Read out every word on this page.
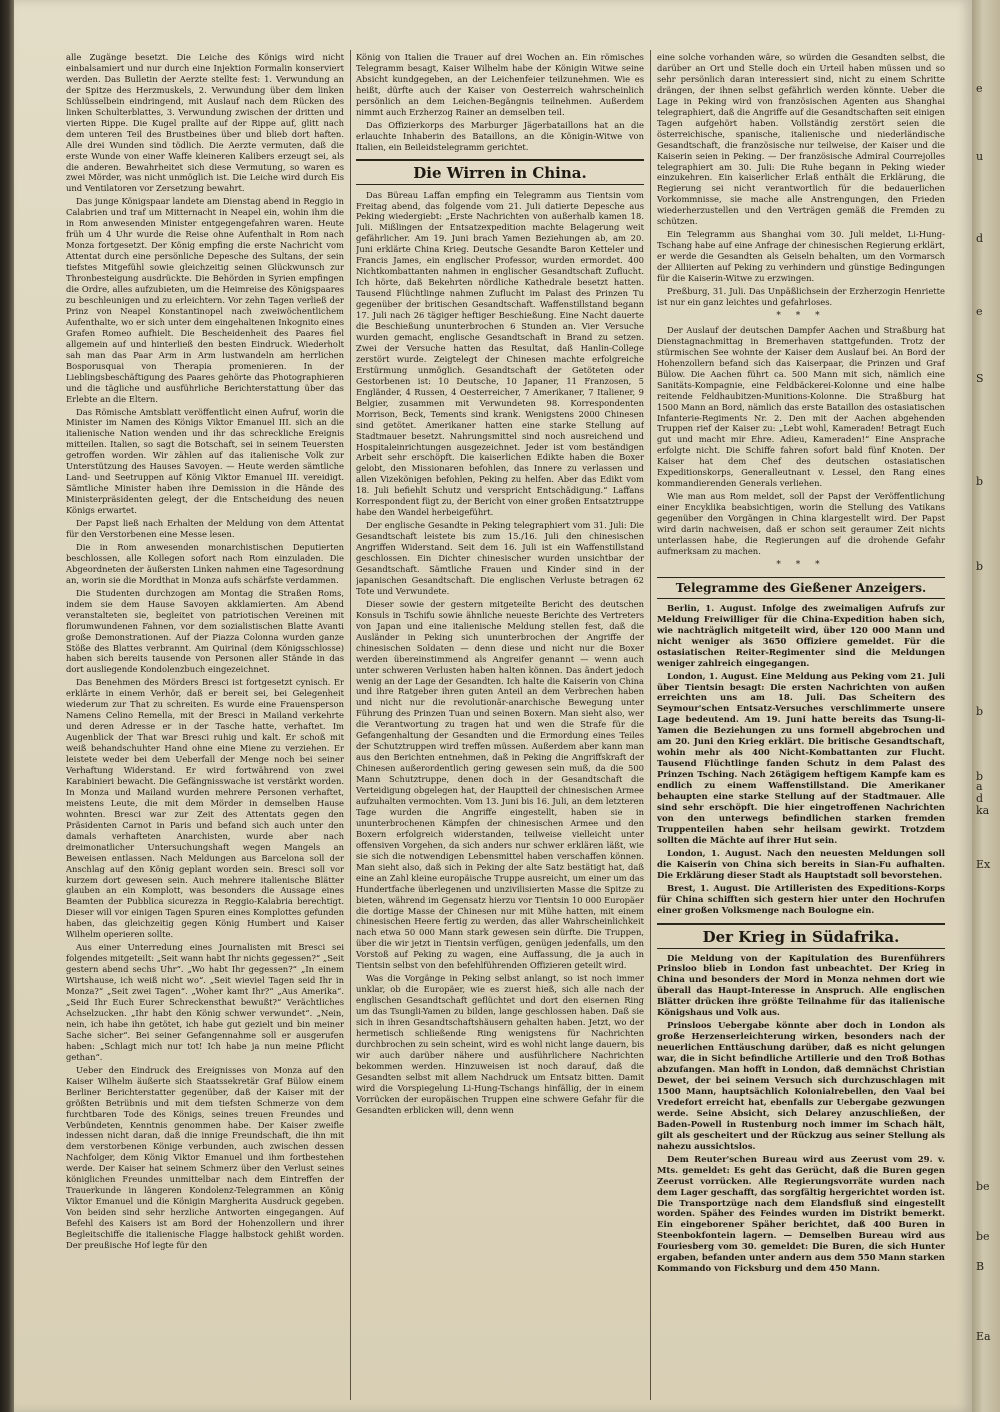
alle Zugänge besetzt. Die Leiche des Königs wird nicht einbalsamiert und nur durch eine Injektion Formalin konserviert werden. Das Bulletin der Aerzte stellte fest: 1. Verwundung an der Spitze des Herzmuskels, 2. Verwundung über dem linken Schlüsselbein eindringend, mit Auslauf nach dem Rücken des linken Schulterblattes, 3. Verwundung zwischen der dritten und vierten Rippe. Die Kugel prallte auf der Rippe auf, glitt nach dem unteren Teil des Brustbeines über und blieb dort haften. Alle drei Wunden sind tödlich. Die Aerzte vermuten, daß die erste Wunde von einer Waffe kleineren Kalibers erzeugt sei, als die anderen. Bewahrheitet sich diese Vermutung, so waren es zwei Mörder, was nicht unmöglich ist. Die Leiche wird durch Eis und Ventilatoren vor Zersetzung bewahrt.

Das junge Königspaar landete am Dienstag abend in Reggio in Calabrien und traf um Mitternacht in Neapel ein, wohin ihm die in Rom anwesenden Minister entgegengefahren waren. Heute früh um 4 Uhr wurde die Reise ohne Aufenthalt in Rom nach Monza fortgesetzt. Der König empfing die erste Nachricht vom Attentat durch eine persönliche Depesche des Sultans, der sein tiefstes Mitgefühl sowie gleichzeitig seinen Glückwunsch zur Thronbesteigung ausdrückte. Die Behörden in Syrien empfingen die Ordre, alles aufzubieten, um die Heimreise des Königspaares zu beschleunigen und zu erleichtern. Vor zehn Tagen verließ der Prinz von Neapel Konstantinopel nach zweiwöchentlichem Aufenthalte, wo er sich unter dem eingehaltenen Inkognito eines Grafen Romeo aufhielt. Die Bescheidenheit des Paares fiel allgemein auf und hinterließ den besten Eindruck. Wiederholt sah man das Paar Arm in Arm lustwandeln am herrlichen Bosporusquai von Therapia promenieren. In der Lieblingsbeschäftigung des Paares gehörte das Photographieren und die tägliche und ausführliche Berichterstattung über das Erlebte an die Eltern.

Das Römische Amtsblatt veröffentlicht einen Aufruf, worin die Minister im Namen des Königs Viktor Emanuel III. sich an die italienische Nation wenden und ihr das schreckliche Ereignis mitteilen. Italien, so sagt die Botschaft, sei in seinem Teuersten getroffen worden. Wir zählen auf das italienische Volk zur Unterstützung des Hauses Savoyen. — Heute werden sämtliche Land- und Seetruppen auf König Viktor Emanuel III. vereidigt. Sämtliche Minister haben ihre Demission in die Hände des Ministerpräsidenten gelegt, der die Entscheidung des neuen Königs erwartet.

Der Papst ließ nach Erhalten der Meldung von dem Attentat für den Verstorbenen eine Messe lesen.

Die in Rom anwesenden monarchistischen Deputierten beschlossen, alle Kollegen sofort nach Rom einzuladen. Die Abgeordneten der äußersten Linken nahmen eine Tagesordnung an, worin sie die Mordthat in Monza aufs schärfste verdammen.

Die Studenten durchzogen am Montag die Straßen Roms, indem sie dem Hause Savoyen akklamierten. Am Abend veranstalteten sie, begleitet von patriotischen Vereinen mit florumwundenen Fahnen, vor dem sozialistischen Blatte Avanti große Demonstrationen. Auf der Piazza Colonna wurden ganze Stöße des Blattes verbrannt. Am Quirinal (dem Königsschlosse) haben sich bereits tausende von Personen aller Stände in das dort ausliegende Kondolenzbuch eingezeichnet.

Das Benehmen des Mörders Bresci ist fortgesetzt cynisch. Er erklärte in einem Verhör, daß er bereit sei, bei Gelegenheit wiederum zur That zu schreiten. Es wurde eine Frauensperson Namens Celino Remella, mit der Bresci in Mailand verkehrte und deren Adresse er in der Tasche hatte, verhaftet. Im Augenblick der That war Bresci ruhig und kalt. Er schoß mit weiß behandschuhter Hand ohne eine Miene zu verziehen. Er leistete weder bei dem Ueberfall der Menge noch bei seiner Verhaftung Widerstand. Er wird fortwährend von zwei Karabinieri bewacht. Die Gefängnisswache ist verstärkt worden. In Monza und Mailand wurden mehrere Personen verhaftet, meistens Leute, die mit dem Mörder in demselben Hause wohnten. Bresci war zur Zeit des Attentats gegen den Präsidenten Carnot in Paris und befand sich auch unter den damals verhafteten Anarchisten, wurde aber nach dreimonatlicher Untersuchungshaft wegen Mangels an Beweisen entlassen. Nach Meldungen aus Barcelona soll der Anschlag auf den König geplant worden sein. Bresci soll vor kurzem dort gewesen sein. Auch mehrere italienische Blätter glauben an ein Komplott, was besonders die Aussage eines Beamten der Pubblica sicurezza in Reggio-Kalabria berechtigt. Dieser will vor einigen Tagen Spuren eines Komplottes gefunden haben, das gleichzeitig gegen König Humbert und Kaiser Wilhelm operieren sollte.

Aus einer Unterredung eines Journalisten mit Bresci sei folgendes mitgeteilt: „Seit wann habt Ihr nichts gegessen?“ „Seit gestern abend sechs Uhr“. „Wo habt Ihr gegessen?“ „In einem Wirtshause, ich weiß nicht wo“. „Seit wieviel Tagen seid Ihr in Monza?“ „Seit zwei Tagen“. „Woher kamt Ihr?“ „Aus Amerika“. „Seid Ihr Euch Eurer Schreckensthat bewußt?“ Verächtliches Achselzucken. „Ihr habt den König schwer verwundet“. „Nein, nein, ich habe ihn getötet, ich habe gut gezielt und bin meiner Sache sicher“. Bei seiner Gefangennahme soll er ausgerufen haben: „Schlagt mich nur tot! Ich habe ja nun meine Pflicht gethan“.

Ueber den Eindruck des Ereignisses von Monza auf den Kaiser Wilhelm äußerte sich Staatssekretär Graf Bülow einem Berliner Berichterstatter gegenüber, daß der Kaiser mit der größten Betrübnis und mit dem tiefsten Schmerze von dem furchtbaren Tode des Königs, seines treuen Freundes und Verbündeten, Kenntnis genommen habe. Der Kaiser zweifle indessen nicht daran, daß die innige Freundschaft, die ihn mit dem verstorbenen Könige verbunden, auch zwischen dessen Nachfolger, dem König Viktor Emanuel und ihm fortbestehen werde. Der Kaiser hat seinem Schmerz über den Verlust seines königlichen Freundes unmittelbar nach dem Eintreffen der Trauerkunde in längeren Kondolenz-Telegrammen an König Viktor Emanuel und die Königin Margherita Ausdruck gegeben. Von beiden sind sehr herzliche Antworten eingegangen. Auf Befehl des Kaisers ist am Bord der Hohenzollern und ihrer Begleitschiffe die italienische Flagge halbstock gehißt worden. Der preußische Hof legte für den

König von Italien die Trauer auf drei Wochen an. Ein römisches Telegramm besagt, Kaiser Wilhelm habe der Königin Witwe seine Absicht kundgegeben, an der Leichenfeier teilzunehmen. Wie es heißt, dürfte auch der Kaiser von Oesterreich wahrscheinlich persönlich an dem Leichen-Begängnis teilnehmen. Außerdem nimmt auch Erzherzog Rainer an demselben teil.

Das Offizierkorps des Marburger Jägerbataillons hat an die erlauchte Inhaberin des Bataillons, an die Königin-Witwe von Italien, ein Beileidstelegramm gerichtet.

Die Wirren in China.

Das Büreau Laffan empfing ein Telegramm aus Tientsin vom Freitag abend, das folgende vom 21. Juli datierte Depesche aus Peking wiedergiebt: „Erste Nachrichten von außerhalb kamen 18. Juli. Mißlingen der Entsatzexpedition machte Belagerung weit gefährlicher. Am 19. Juni brach Yamen Beziehungen ab, am 20. Juni erklärte China Krieg. Deutsche Gesandte Baron Ketteler und Francis James, ein englischer Professor, wurden ermordet. 400 Nichtkombattanten nahmen in englischer Gesandtschaft Zuflucht. Ich hörte, daß Bekehrten nördliche Kathedrale besetzt hatten. Tausend Flüchtlinge nahmen Zuflucht im Palast des Prinzen Tu gegenüber der britischen Gesandtschaft. Waffenstillstand begann 17. Juli nach 26 tägiger heftiger Beschießung. Eine Nacht dauerte die Beschießung ununterbrochen 6 Stunden an. Vier Versuche wurden gemacht, englische Gesandtschaft in Brand zu setzen. Zwei der Versuche hatten das Resultat, daß Hanlin-College zerstört wurde. Zeigtelegt der Chinesen machte erfolgreiche Erstürmung unmöglich. Gesandtschaft der Getöteten oder Gestorbenen ist: 10 Deutsche, 10 Japaner, 11 Franzosen, 5 Engländer, 4 Russen, 4 Oesterreicher, 7 Amerikaner, 7 Italiener, 9 Belgier, zusammen mit Verwundeten 98. Korrespondenten Morrison, Beck, Tements sind krank. Wenigstens 2000 Chinesen sind getötet. Amerikaner hatten eine starke Stellung auf Stadtmauer besetzt. Nahrungsmittel sind noch ausreichend und Hospitaleinrichtungen ausgezeichnet. Jeder ist vom beständigen Arbeit sehr erschöpft. Die kaiserlichen Edikte haben die Boxer gelobt, den Missionaren befohlen, das Innere zu verlassen und allen Vizekönigen befohlen, Peking zu helfen. Aber das Edikt vom 18. Juli befiehlt Schutz und verspricht Entschädigung.“ Laffans Korrespondent fügt zu, der Bericht von einer großen Entsatztruppe habe den Wandel herbeigeführt.

Der englische Gesandte in Peking telegraphiert vom 31. Juli: Die Gesandtschaft leistete bis zum 15./16. Juli den chinesischen Angriffen Widerstand. Seit dem 16. Juli ist ein Waffenstillstand geschlossen. Ein Dichter chinesischer wurden unsichtbar der Gesandtschaft. Sämtliche Frauen und Kinder sind in der japanischen Gesandtschaft. Die englischen Verluste betragen 62 Tote und Verwundete.

Dieser sowie der gestern mitgeteilte Bericht des deutschen Konsuls in Tschifu sowie ähnliche neueste Berichte des Vertreters von Japan und eine italienische Meldung stellen fest, daß die Ausländer in Peking sich ununterbrochen der Angriffe der chinesischen Soldaten — denn diese und nicht nur die Boxer werden übereinstimmend als Angreifer genannt — wenn auch unter schweren Verlusten haben halten können. Das ändert jedoch wenig an der Lage der Gesandten. Ich halte die Kaiserin von China und ihre Ratgeber ihren guten Anteil an dem Verbrechen haben und nicht nur die revolutionär-anarchische Bewegung unter Führung des Prinzen Tuan und seinen Boxern. Man sieht also, wer die Verantwortung zu tragen hat und wen die Strafe für die Gefangenhaltung der Gesandten und die Ermordung eines Teiles der Schutztruppen wird treffen müssen. Außerdem aber kann man aus den Berichten entnehmen, daß in Peking die Angriffskraft der Chinesen außerordentlich gering gewesen sein muß, da die 500 Mann Schutztruppe, denen doch in der Gesandtschaft die Verteidigung obgelegen hat, der Hauptteil der chinesischen Armee aufzuhalten vermochten. Vom 13. Juni bis 16. Juli, an dem letzteren Tage wurden die Angriffe eingestellt, haben sie in ununterbrochenen Kämpfen der chinesischen Armee und den Boxern erfolgreich widerstanden, teilweise vielleicht unter offensiven Vorgehen, da sich anders nur schwer erklären läßt, wie sie sich die notwendigen Lebensmittel haben verschaffen können. Man sieht also, daß sich in Peking der alte Satz bestätigt hat, daß eine an Zahl kleine europäische Truppe ausreicht, um einer um das Hundertfache überlegenen und unzivilisierten Masse die Spitze zu bieten, während im Gegensatz hierzu vor Tientsin 10 000 Europäer die dortige Masse der Chinesen nur mit Mühe hatten, mit einem chinesischen Heere fertig zu werden, das aller Wahrscheinlichkeit nach etwa 50 000 Mann stark gewesen sein dürfte. Die Truppen, über die wir jetzt in Tientsin verfügen, genügen jedenfalls, um den Vorstoß auf Peking zu wagen, eine Auffassung, die ja auch in Tientsin selbst von den befehlführenden Offizieren geteilt wird.

Was die Vorgänge in Peking selbst anlangt, so ist noch immer unklar, ob die Europäer, wie es zuerst hieß, sich alle nach der englischen Gesandtschaft geflüchtet und dort den eisernen Ring um das Tsungli-Yamen zu bilden, lange geschlossen haben. Daß sie sich in ihren Gesandtschaftshäusern gehalten haben. Jetzt, wo der hermetisch schließende Ring wenigstens für Nachrichten durchbrochen zu sein scheint, wird es wohl nicht lange dauern, bis wir auch darüber nähere und ausführlichere Nachrichten bekommen werden. Hinzuweisen ist noch darauf, daß die Gesandten selbst mit allem Nachdruck um Entsatz bitten. Damit wird die Vorspiegelung Li-Hung-Tschangs hinfällig, der in einem Vorrücken der europäischen Truppen eine schwere Gefahr für die Gesandten erblicken will, denn wenn

eine solche vorhanden wäre, so würden die Gesandten selbst, die darüber an Ort und Stelle doch ein Urteil haben müssen und so sehr persönlich daran interessiert sind, nicht zu einem Schritte drängen, der ihnen selbst gefährlich werden könnte. Ueber die Lage in Peking wird von französischen Agenten aus Shanghai telegraphiert, daß die Angriffe auf die Gesandtschaften seit einigen Tagen aufgehört haben. Vollständig zerstört seien die österreichische, spanische, italienische und niederländische Gesandtschaft, die französische nur teilweise, der Kaiser und die Kaiserin seien in Peking. — Der französische Admiral Courrejolles telegraphiert am 30. Juli: Die Ruhe begann in Peking wieder einzukehren. Ein kaiserlicher Erlaß enthält die Erklärung, die Regierung sei nicht verantwortlich für die bedauerlichen Vorkommnisse, sie mache alle Anstrengungen, den Frieden wiederherzustellen und den Verträgen gemäß die Fremden zu schützen.

Ein Telegramm aus Shanghai vom 30. Juli meldet, Li-Hung-Tschang habe auf eine Anfrage der chinesischen Regierung erklärt, er werde die Gesandten als Geiseln behalten, um den Vormarsch der Alliierten auf Peking zu verhindern und günstige Bedingungen für die Kaiserin-Witwe zu erzwingen.

Preßburg, 31. Juli. Das Unpäßlichsein der Erzherzogin Henriette ist nur ein ganz leichtes und gefahrloses.

* * *

Der Auslauf der deutschen Dampfer Aachen und Straßburg hat Dienstagnachmittag in Bremerhaven stattgefunden. Trotz der stürmischen See wohnte der Kaiser dem Auslauf bei. An Bord der Hohenzollern befand sich das Kaiserpaar, die Prinzen und Graf Bülow. Die Aachen führt ca. 500 Mann mit sich, nämlich eine Sanitäts-Kompagnie, eine Feldbäckerei-Kolonne und eine halbe reitende Feldhaubitzen-Munitions-Kolonne. Die Straßburg hat 1500 Mann an Bord, nämlich das erste Bataillon des ostasiatischen Infanterie-Regiments Nr. 2. Den mit der Aachen abgehenden Truppen rief der Kaiser zu: „Lebt wohl, Kameraden! Betragt Euch gut und macht mir Ehre. Adieu, Kameraden!“ Eine Ansprache erfolgte nicht. Die Schiffe fahren sofort bald fünf Knoten. Der Kaiser hat dem Chef des deutschen ostasiatischen Expeditionskorps, Generalleutnant v. Lessel, den Rang eines kommandierenden Generals verliehen.

Wie man aus Rom meldet, soll der Papst der Veröffentlichung einer Encyklika beabsichtigen, worin die Stellung des Vatikans gegenüber den Vorgängen in China klargestellt wird. Der Papst wird darin nachweisen, daß er schon seit geraumer Zeit nichts unterlassen habe, die Regierungen auf die drohende Gefahr aufmerksam zu machen.

* * *
Telegramme des Gießener Anzeigers.

Berlin, 1. August. Infolge des zweimaligen Aufrufs zur Meldung Freiwilliger für die China-Expedition haben sich, wie nachträglich mitgeteilt wird, über 120 000 Mann und nicht weniger als 3650 Offiziere gemeldet. Für die ostasiatischen Reiter-Regimenter sind die Meldungen weniger zahlreich eingegangen.

London, 1. August. Eine Meldung aus Peking vom 21. Juli über Tientsin besagt: Die ersten Nachrichten von außen erreichten uns am 18. Juli. Das Scheitern des Seymour'schen Entsatz-Versuches verschlimmerte unsere Lage bedeutend. Am 19. Juni hatte bereits das Tsung-li-Yamen die Beziehungen zu uns formell abgebrochen und am 20. Juni den Krieg erklärt. Die britische Gesandtschaft, wohin mehr als 400 Nicht-Kombattanten zur Flucht. Tausend Flüchtlinge fanden Schutz in dem Palast des Prinzen Tsching. Nach 26tägigem heftigem Kampfe kam es endlich zu einem Waffenstillstand. Die Amerikaner behaupten eine starke Stellung auf der Stadtmauer. Alle sind sehr erschöpft. Die hier eingetroffenen Nachrichten von den unterwegs befindlichen starken fremden Truppenteilen haben sehr heilsam gewirkt. Trotzdem sollten die Mächte auf ihrer Hut sein.

London, 1. August. Nach den neuesten Meldungen soll die Kaiserin von China sich bereits in Sian-Fu aufhalten. Die Erklärung dieser Stadt als Hauptstadt soll bevorstehen.

Brest, 1. August. Die Artilleristen des Expeditions-Korps für China schifften sich gestern hier unter den Hochrufen einer großen Volksmenge nach Boulogne ein.

Der Krieg in Südafrika.

Die Meldung von der Kapitulation des Burenführers Prinsloo blieb in London fast unbeachtet. Der Krieg in China und besonders der Mord in Monza nehmen dort wie überall das Haupt-Interesse in Anspruch. Alle englischen Blätter drücken ihre größte Teilnahme für das italienische Königshaus und Volk aus.

Prinsloos Uebergabe könnte aber doch in London als große Herzenserleichterung wirken, besonders nach der neuerlichen Enttäuschung darüber, daß es nicht gelungen war, die in Sicht befindliche Artillerie und den Troß Bothas abzufangen. Man hofft in London, daß demnächst Christian Dewet, der bei seinem Versuch sich durchzuschlagen mit 1500 Mann, hauptsächlich Kolonialrebellen, den Vaal bei Vredefort erreicht hat, ebenfalls zur Uebergabe gezwungen werde. Seine Absicht, sich Delarey anzuschließen, der Baden-Powell in Rustenburg noch immer im Schach hält, gilt als gescheitert und der Rückzug aus seiner Stellung als nahezu aussichtslos.

Dem Reuter'schen Bureau wird aus Zeerust vom 29. v. Mts. gemeldet: Es geht das Gerücht, daß die Buren gegen Zeerust vorrücken. Alle Regierungsvorräte wurden nach dem Lager geschafft, das sorgfältig hergerichtet worden ist. Die Transportzüge nach dem Elandsfluß sind eingestellt worden. Späher des Feindes wurden im Distrikt bemerkt. Ein eingeborener Späher berichtet, daß 400 Buren in Steenbokfontein lagern. — Demselben Bureau wird aus Fouriesberg vom 30. gemeldet: Die Buren, die sich Hunter ergaben, befanden unter andern aus dem 550 Mann starken Kommando von Ficksburg und dem 450 Mann.

e
u
d
e
S
b
b
b
b
a
d
ka
Ex
be
be
B
Ea
